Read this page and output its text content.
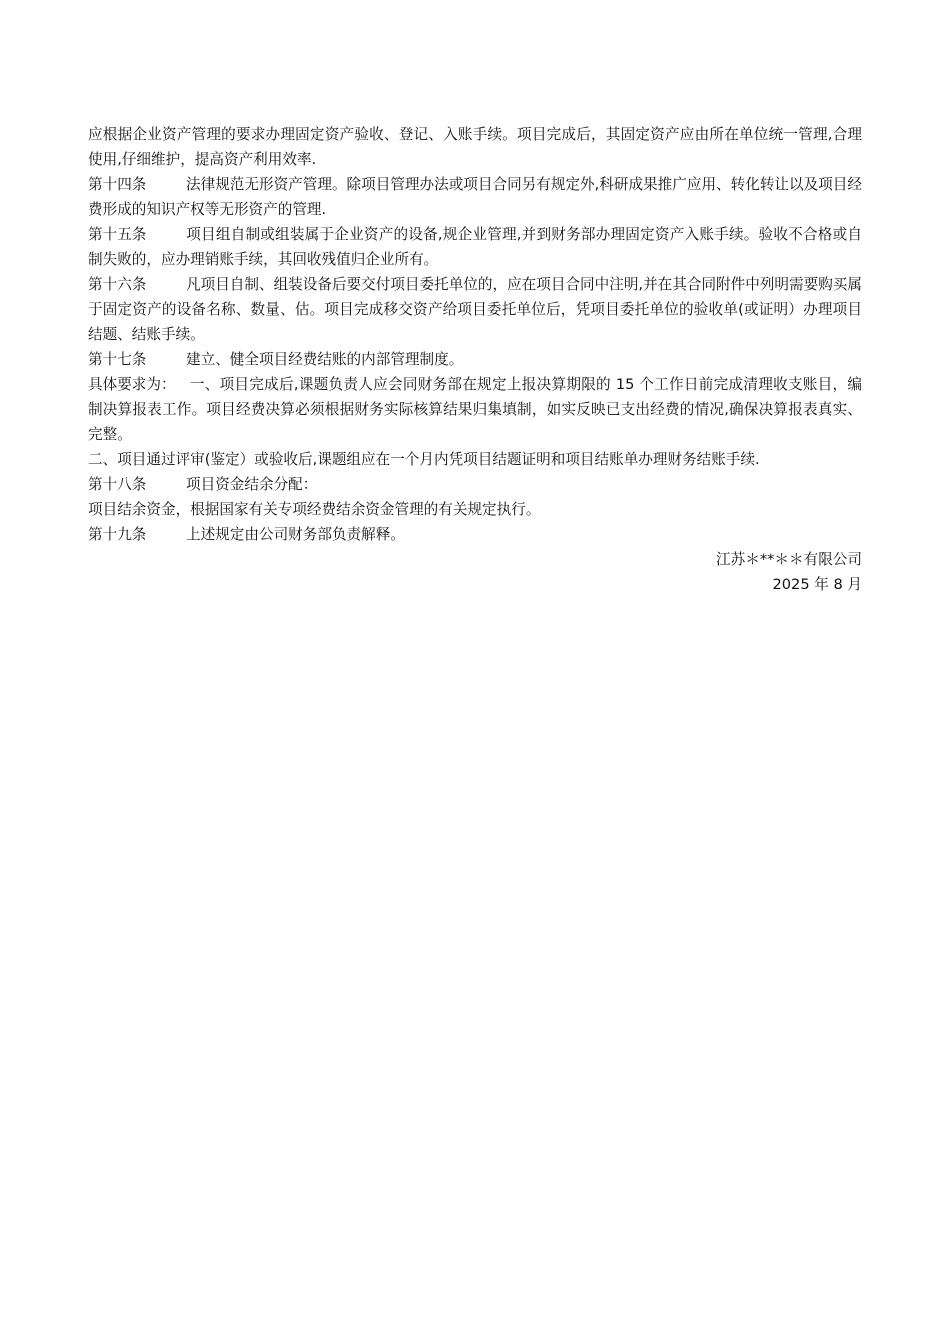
应根据企业资产管理的要求办理固定资产验收、登记、入账手续。项目完成后，其固定资产应由所在单位统一管理,合理使用,仔细维护，提高资产利用效率.

第十四条	法律规范无形资产管理。除项目管理办法或项目合同另有规定外,科研成果推广应用、转化转让以及项目经费形成的知识产权等无形资产的管理.

第十五条	项目组自制或组装属于企业资产的设备,规企业管理,并到财务部办理固定资产入账手续。验收不合格或自制失败的，应办理销账手续，其回收残值归企业所有。

第十六条	凡项目自制、组装设备后要交付项目委托单位的，应在项目合同中注明,并在其合同附件中列明需要购买属于固定资产的设备名称、数量、估。项目完成移交资产给项目委托单位后，凭项目委托单位的验收单(或证明）办理项目结题、结账手续。

第十七条	建立、健全项目经费结账的内部管理制度。

具体要求为： 一、项目完成后,课题负责人应会同财务部在规定上报决算期限的 15 个工作日前完成清理收支账目，编制决算报表工作。项目经费决算必须根据财务实际核算结果归集填制，如实反映已支出经费的情况,确保决算报表真实、完整。

二、项目通过评审(鉴定）或验收后,课题组应在一个月内凭项目结题证明和项目结账单办理财务结账手续.

第十八条	项目资金结余分配：

项目结余资金，根据国家有关专项经费结余资金管理的有关规定执行。

第十九条	上述规定由公司财务部负责解释。

江苏＊**＊＊有限公司

2025 年 8 月
